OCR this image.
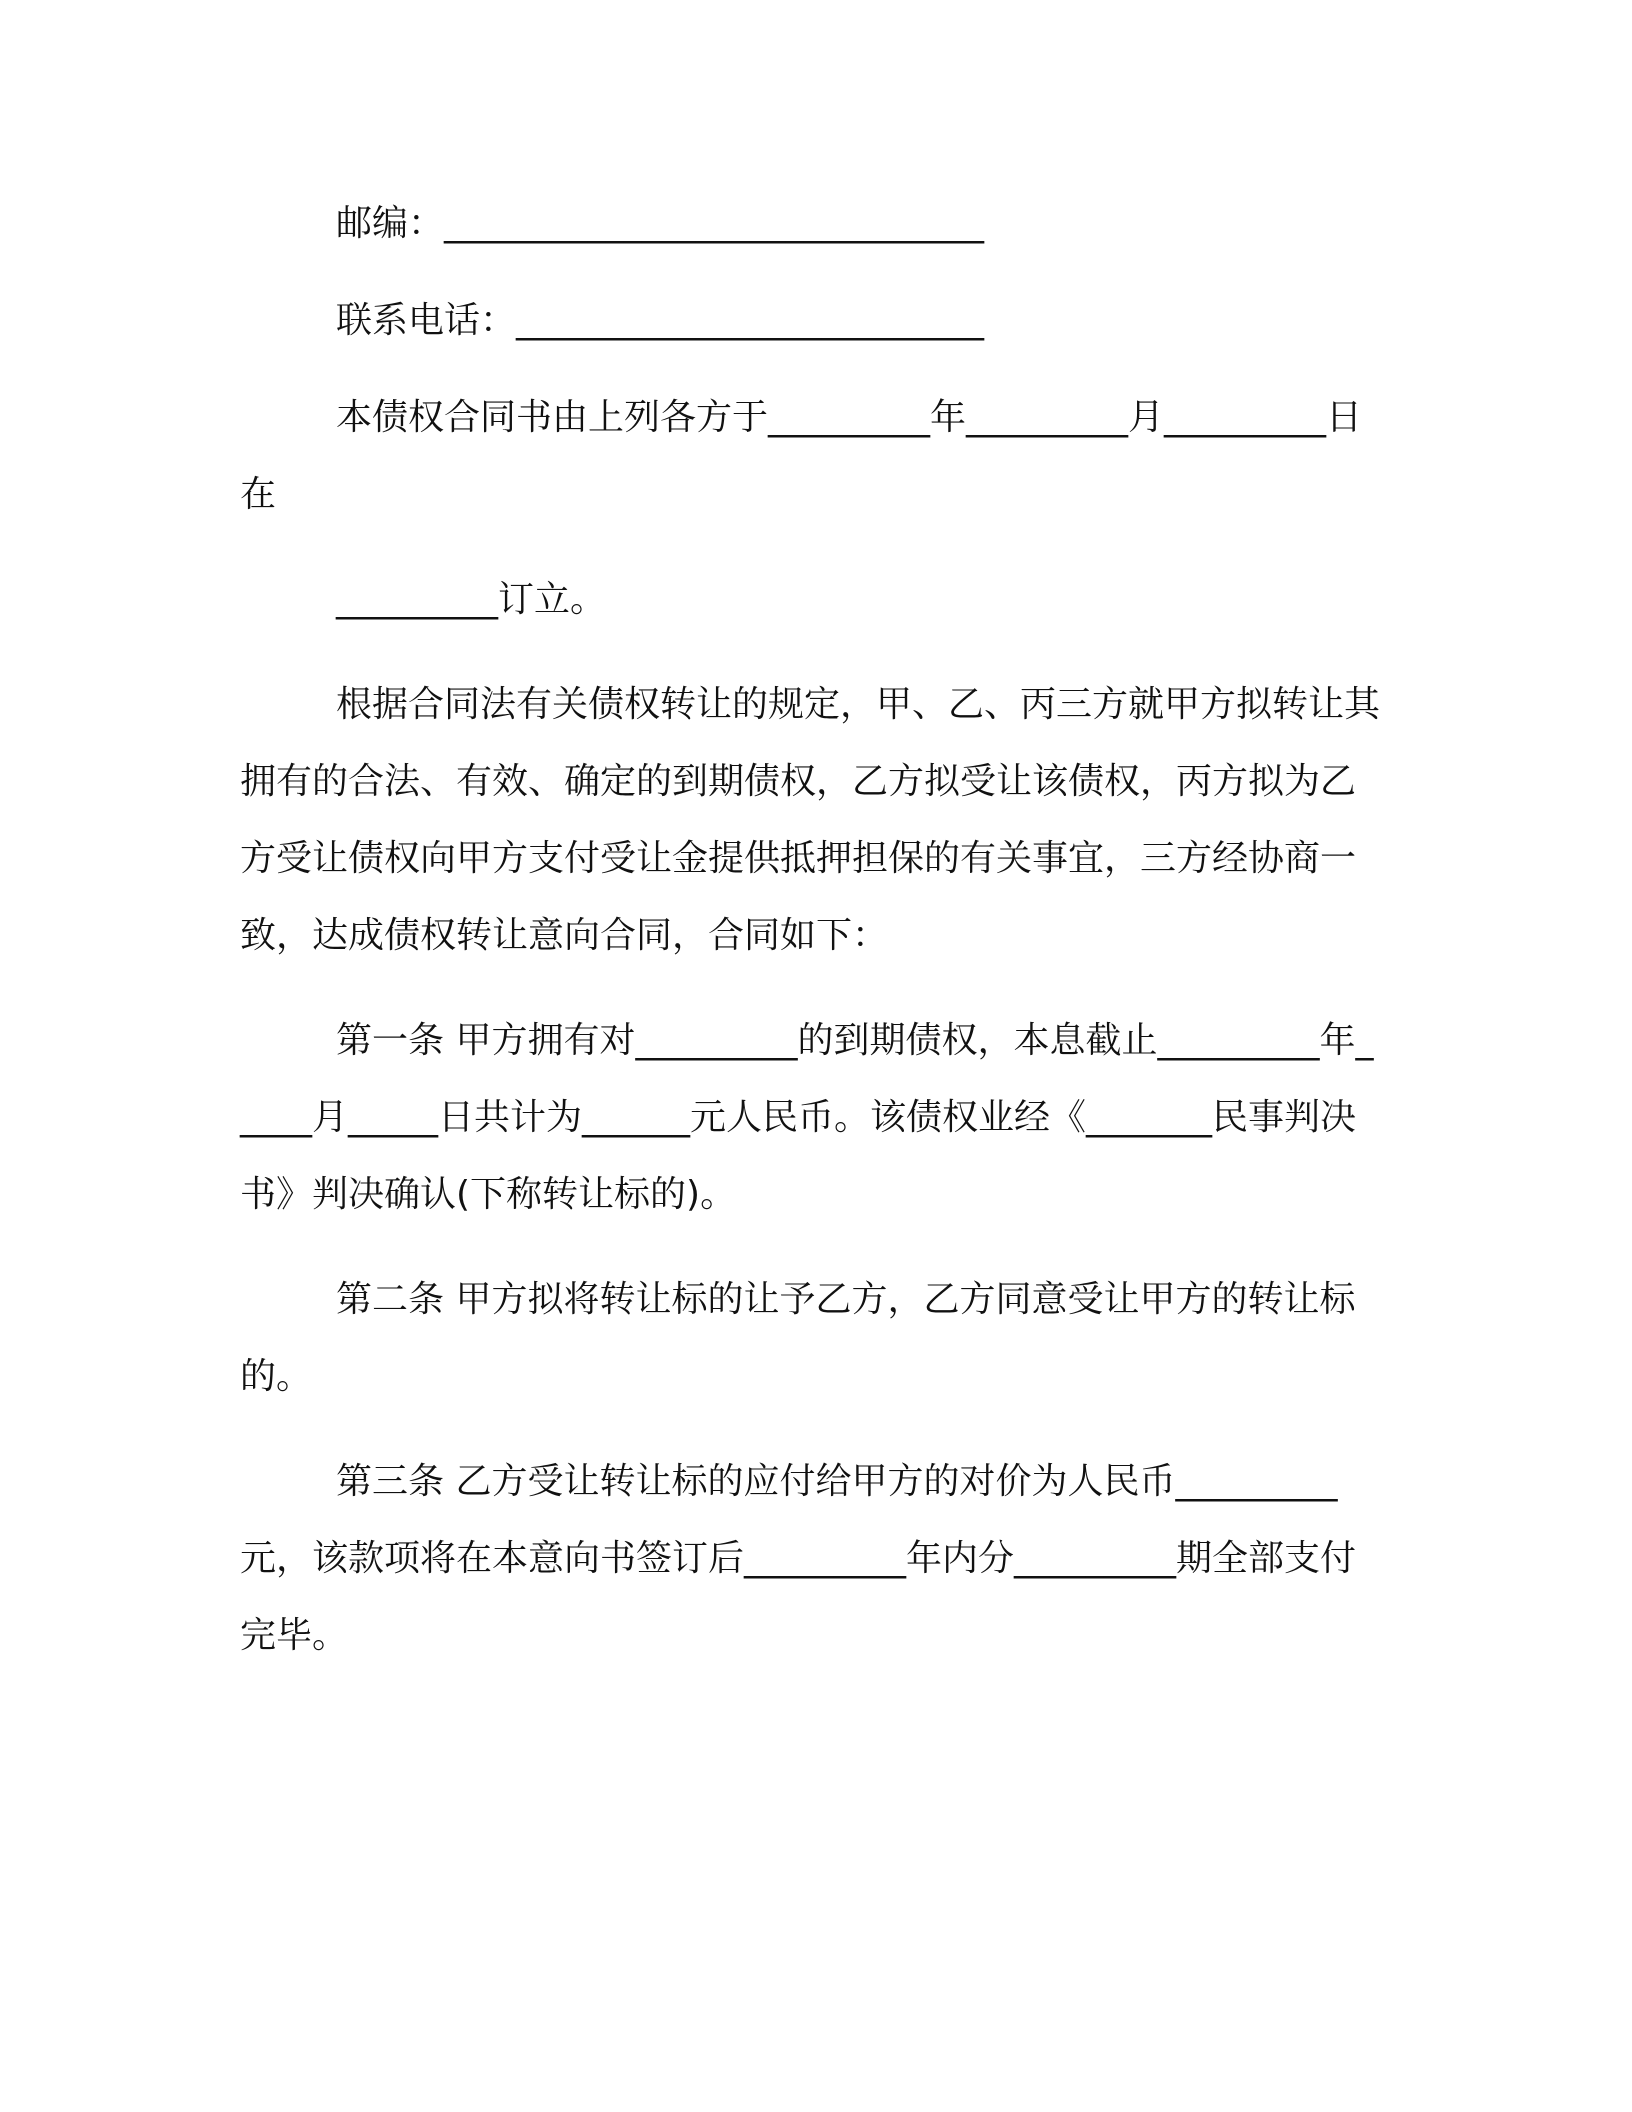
邮编：______________________________

联系电话：__________________________

本债权合同书由上列各方于_________年_________月_________日在

_________订立。

根据合同法有关债权转让的规定，甲、乙、丙三方就甲方拟转让其拥有的合法、有效、确定的到期债权，乙方拟受让该债权，丙方拟为乙方受让债权向甲方支付受让金提供抵押担保的有关事宜，三方经协商一致，达成债权转让意向合同，合同如下：

第一条 甲方拥有对_________的到期债权，本息截止_________年_____月_____日共计为______元人民币。该债权业经《_______民事判决书》判决确认(下称转让标的)。

第二条 甲方拟将转让标的让予乙方，乙方同意受让甲方的转让标的。

第三条 乙方受让转让标的应付给甲方的对价为人民币_________元，该款项将在本意向书签订后_________年内分_________期全部支付完毕。
